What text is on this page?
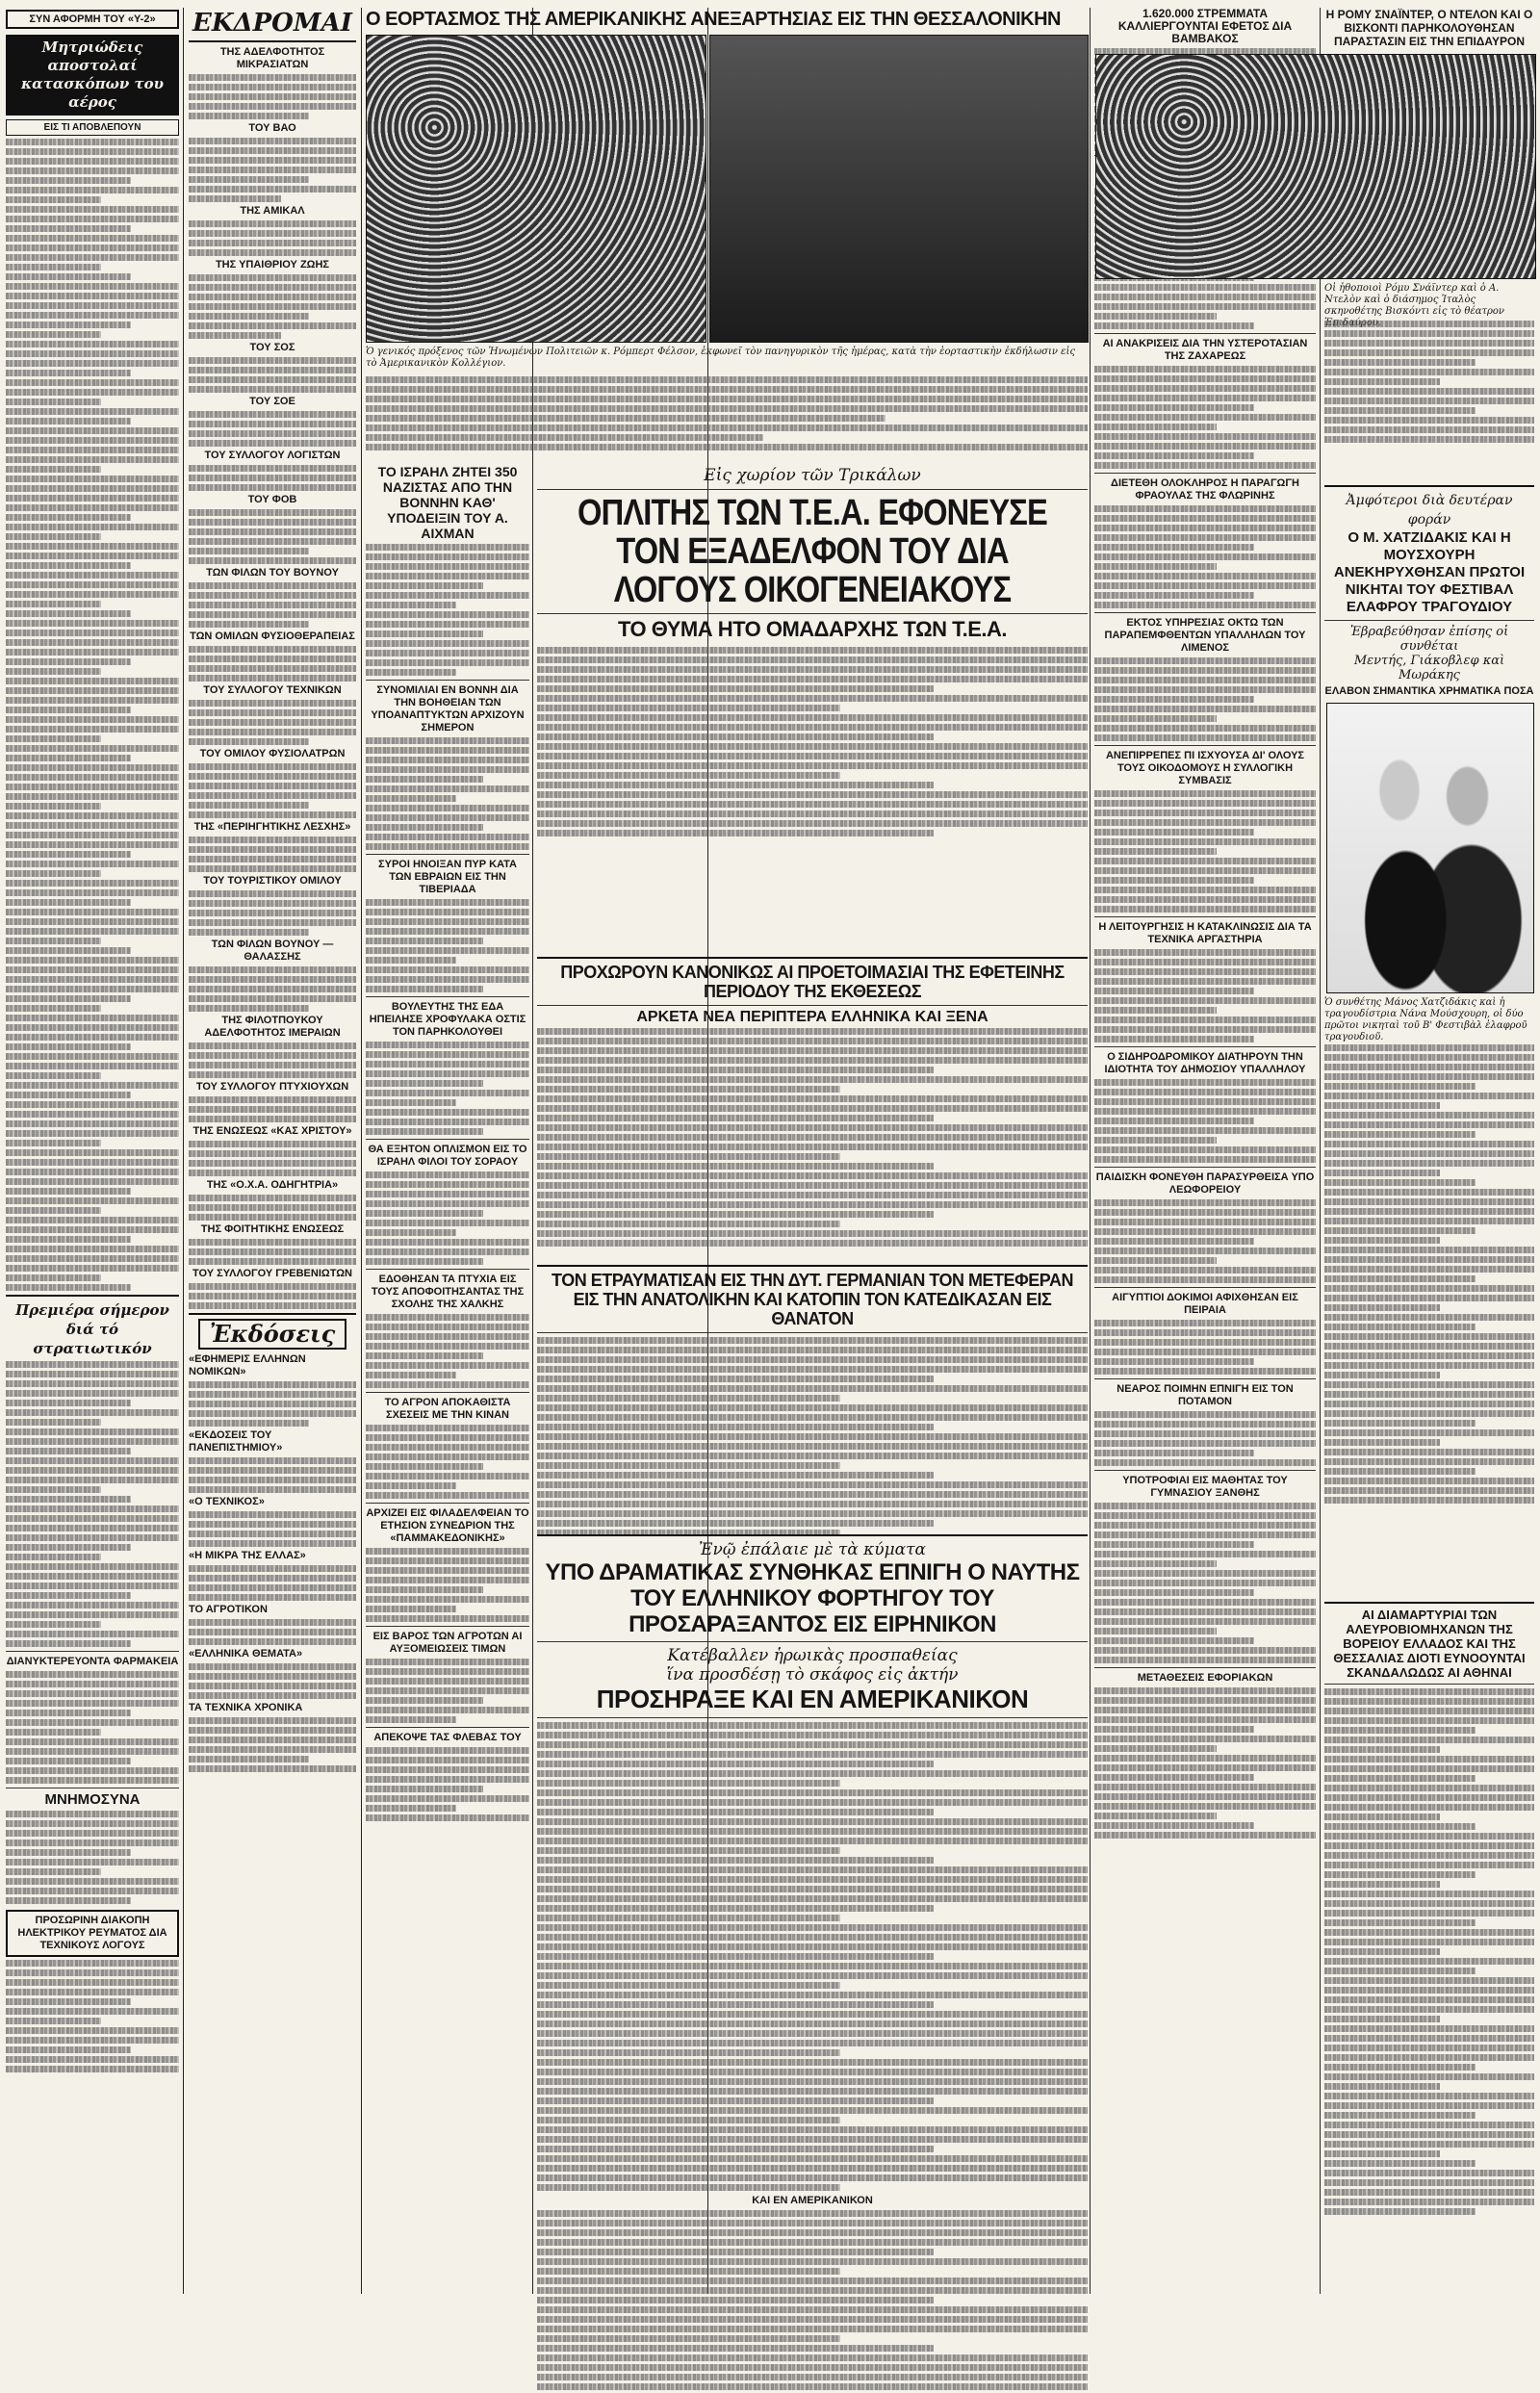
ΣΥΝ ΑΦΟΡΜΗ ΤΟΥ «Υ-2»
Μητριώδεις αποστολαί κατασκόπων του αέρος
ΕΙΣ ΤΙ ΑΠΟΒΛΕΠΟΥΝ
Πρεμιέρα σήμερον διά τό στρατιωτικόν
ΔΙΑΝΥΚΤΕΡΕΥΟΝΤΑ ΦΑΡΜΑΚΕΙΑ
ΜΝΗΜΟΣΥΝΑ
ΠΡΟΣΩΡΙΝΗ ΔΙΑΚΟΠΗ ΗΛΕΚΤΡΙΚΟΥ ΡΕΥΜΑΤΟΣ ΔΙΑ ΤΕΧΝΙΚΟΥΣ ΛΟΓΟΥΣ
ΕΚΔΡΟΜΑΙ
ΤΗΣ ΑΔΕΛΦΟΤΗΤΟΣ ΜΙΚΡΑΣΙΑΤΩΝ
ΤΟΥ ΒΑΟ
ΤΗΣ ΑΜΙΚΑΛ
ΤΗΣ ΥΠΑΙΘΡΙΟΥ ΖΩΗΣ
ΤΟΥ ΣΟΣ
ΤΟΥ ΣΟΕ
ΤΟΥ ΣΥΛΛΟΓΟΥ ΛΟΓΙΣΤΩΝ
ΤΟΥ ΦΟΒ
ΤΩΝ ΦΙΛΩΝ ΤΟΥ ΒΟΥΝΟΥ
ΤΩΝ ΟΜΙΛΩΝ ΦΥΣΙΟΘΕΡΑΠΕΙΑΣ
ΤΟΥ ΣΥΛΛΟΓΟΥ ΤΕΧΝΙΚΩΝ
ΤΟΥ ΟΜΙΛΟΥ ΦΥΣΙΟΛΑΤΡΩΝ
ΤΗΣ «ΠΕΡΙΗΓΗΤΙΚΗΣ ΛΕΣΧΗΣ»
ΤΟΥ ΤΟΥΡΙΣΤΙΚΟΥ ΟΜΙΛΟΥ
ΤΩΝ ΦΙΛΩΝ ΒΟΥΝΟΥ — ΘΑΛΑΣΣΗΣ
ΤΗΣ ΦΙΛΟΤΠΟΥΚΟΥ ΑΔΕΛΦΟΤΗΤΟΣ ΙΜΕΡΑΙΩΝ
ΤΟΥ ΣΥΛΛΟΓΟΥ ΠΤΥΧΙΟΥΧΩΝ
ΤΗΣ ΕΝΩΣΕΩΣ «ΚΑΣ ΧΡΙΣΤΟΥ»
ΤΗΣ «Ο.Χ.Α. ΟΔΗΓΗΤΡΙΑ»
ΤΗΣ ΦΟΙΤΗΤΙΚΗΣ ΕΝΩΣΕΩΣ
ΤΟΥ ΣΥΛΛΟΓΟΥ ΓΡΕΒΕΝΙΩΤΩΝ
Ἐκδόσεις
«ΕΦΗΜΕΡΙΣ ΕΛΛΗΝΩΝ ΝΟΜΙΚΩΝ»
«ΕΚΔΟΣΕΙΣ ΤΟΥ ΠΑΝΕΠΙΣΤΗΜΙΟΥ»
«Ο ΤΕΧΝΙΚΟΣ»
«Η ΜΙΚΡΑ ΤΗΣ ΕΛΛΑΣ»
ΤΟ ΑΓΡΟΤΙΚΟΝ
«ΕΛΛΗΝΙΚΑ ΘΕΜΑΤΑ»
ΤΑ ΤΕΧΝΙΚΑ ΧΡΟΝΙΚΑ
Ο ΕΟΡΤΑΣΜΟΣ ΤΗΣ ΑΜΕΡΙΚΑΝΙΚΗΣ ΑΝΕΞΑΡΤΗΣΙΑΣ ΕΙΣ ΤΗΝ ΘΕΣΣΑΛΟΝΙΚΗΝ
Ὁ γενικός πρόξενος τῶν Ἡνωμένων Πολιτειῶν κ. Ρόμπερτ Φέλσον, ἐκφωνεῖ τὸν πανηγυρικὸν τῆς ἡμέρας, κατὰ τὴν ἑορταστικὴν ἐκδήλωσιν εἰς τὸ Ἀμερικανικὸν Κολλέγιον.
ΤΟ ΙΣΡΑΗΛ ΖΗΤΕΙ 350 ΝΑΖΙΣΤΑΣ ΑΠΟ ΤΗΝ ΒΟΝΝΗΝ ΚΑΘ' ΥΠΟΔΕΙΞΙΝ ΤΟΥ Α. ΑΙΧΜΑΝ
ΣΥΝΟΜΙΛΙΑΙ ΕΝ ΒΟΝΝΗ ΔΙΑ ΤΗΝ ΒΟΗΘΕΙΑΝ ΤΩΝ ΥΠΟΑΝΑΠΤΥΚΤΩΝ ΑΡΧΙΖΟΥΝ ΣΗΜΕΡΟΝ
ΣΥΡΟΙ ΗΝΟΙΞΑΝ ΠΥΡ ΚΑΤΑ ΤΩΝ ΕΒΡΑΙΩΝ ΕΙΣ ΤΗΝ ΤΙΒΕΡΙΑΔΑ
ΒΟΥΛΕΥΤΗΣ ΤΗΣ ΕΔΑ ΗΠΕΙΛΗΣΕ ΧΡΟΦΥΛΑΚΑ ΟΣΤΙΣ ΤΟΝ ΠΑΡΗΚΟΛΟΥΘΕΙ
ΘΑ ΕΞΗΤΟΝ ΟΠΛΙΣΜΟΝ ΕΙΣ ΤΟ ΙΣΡΑΗΛ ΦΙΛΟΙ ΤΟΥ ΣΟΡΑΟΥ
ΕΔΟΘΗΣΑΝ ΤΑ ΠΤΥΧΙΑ ΕΙΣ ΤΟΥΣ ΑΠΟΦΟΙΤΗΣΑΝΤΑΣ ΤΗΣ ΣΧΟΛΗΣ ΤΗΣ ΧΑΛΚΗΣ
ΤΟ ΑΓΡΟΝ ΑΠΟΚΑΘΙΣΤΑ ΣΧΕΣΕΙΣ ΜΕ ΤΗΝ ΚΙΝΑΝ
ΑΡΧΙΖΕΙ ΕΙΣ ΦΙΛΑΔΕΛΦΕΙΑΝ ΤΟ ΕΤΗΣΙΟΝ ΣΥΝΕΔΡΙΟΝ ΤΗΣ «ΠΑΜΜΑΚΕΔΟΝΙΚΗΣ»
ΕΙΣ ΒΑΡΟΣ ΤΩΝ ΑΓΡΟΤΩΝ ΑΙ ΑΥΞΟΜΕΙΩΣΕΙΣ ΤΙΜΩΝ
ΑΠΕΚΟΨΕ ΤΑΣ ΦΛΕΒΑΣ ΤΟΥ
Εἰς χωρίον τῶν Τρικάλων
ΟΠΛΙΤΗΣ ΤΩΝ Τ.Ε.Α. ΕΦΟΝΕΥΣΕ ΤΟΝ ΕΞΑΔΕΛΦΟΝ ΤΟΥ ΔΙΑ ΛΟΓΟΥΣ ΟΙΚΟΓΕΝΕΙΑΚΟΥΣ
ΤΟ ΘΥΜΑ ΗΤΟ ΟΜΑΔΑΡΧΗΣ ΤΩΝ Τ.Ε.Α.
ΠΡΟΧΩΡΟΥΝ ΚΑΝΟΝΙΚΩΣ ΑΙ ΠΡΟΕΤΟΙΜΑΣΙΑΙ ΤΗΣ ΕΦΕΤΕΙΝΗΣ ΠΕΡΙΟΔΟΥ ΤΗΣ ΕΚΘΕΣΕΩΣ
ΑΡΚΕΤΑ ΝΕΑ ΠΕΡΙΠΤΕΡΑ ΕΛΛΗΝΙΚΑ ΚΑΙ ΞΕΝΑ
ΤΟΝ ΕΤΡΑΥΜΑΤΙΣΑΝ ΕΙΣ ΤΗΝ ΔΥΤ. ΓΕΡΜΑΝΙΑΝ ΤΟΝ ΜΕΤΕΦΕΡΑΝ ΕΙΣ ΤΗΝ ΑΝΑΤΟΛΙΚΗΝ ΚΑΙ ΚΑΤΟΠΙΝ ΤΟΝ ΚΑΤΕΔΙΚΑΣΑΝ ΕΙΣ ΘΑΝΑΤΟΝ
Ἐνῷ ἐπάλαιε μὲ τὰ κύματα
ΥΠΟ ΔΡΑΜΑΤΙΚΑΣ ΣΥΝΘΗΚΑΣ ΕΠΝΙΓΗ Ο ΝΑΥΤΗΣ ΤΟΥ ΕΛΛΗΝΙΚΟΥ ΦΟΡΤΗΓΟΥ ΤΟΥ ΠΡΟΣΑΡΑΞΑΝΤΟΣ ΕΙΣ ΕΙΡΗΝΙΚΟΝ
Κατέβαλλεν ἡρωικὰς προσπαθείας
ἵνα προσδέσῃ τὸ σκάφος εἰς ἀκτήν
ΠΡΟΣΗΡΑΞΕ ΚΑΙ ΕΝ ΑΜΕΡΙΚΑΝΙΚΟΝ
ΚΑΙ ΕΝ ΑΜΕΡΙΚΑΝΙΚΟΝ
1.620.000 ΣΤΡΕΜΜΑΤΑ ΚΑΛΛΙΕΡΓΟΥΝΤΑΙ ΕΦΕΤΟΣ ΔΙΑ ΒΑΜΒΑΚΟΣ
ΑΙ ΑΝΑΚΡΙΣΕΙΣ ΔΙΑ ΤΗΝ ΥΣΤΕΡΟΤΑΣΙΑΝ ΤΗΣ ΖΑΧΑΡΕΩΣ
ΔΙΕΤΕΘΗ ΟΛΟΚΛΗΡΟΣ Η ΠΑΡΑΓΩΓΗ ΦΡΑΟΥΛΑΣ ΤΗΣ ΦΛΩΡΙΝΗΣ
ΕΚΤΟΣ ΥΠΗΡΕΣΙΑΣ ΟΚΤΩ ΤΩΝ ΠΑΡΑΠΕΜΦΘΕΝΤΩΝ ΥΠΑΛΛΗΛΩΝ ΤΟΥ ΛΙΜΕΝΟΣ
ΑΝΕΠΙΡΡΕΠΕΣ ΠΙ ΙΣΧΥΟΥΣΑ ΔΙ' ΟΛΟΥΣ ΤΟΥΣ ΟΙΚΟΔΟΜΟΥΣ Η ΣΥΛΛΟΓΙΚΗ ΣΥΜΒΑΣΙΣ
Η ΛΕΙΤΟΥΡΓΗΣΙΣ Η ΚΑΤΑΚΛΙΝΩΣΙΣ ΔΙΑ ΤΑ ΤΕΧΝΙΚΑ ΑΡΓΑΣΤΗΡΙΑ
Ο ΣΙΔΗΡΟΔΡΟΜΙΚΟΥ ΔΙΑΤΗΡΟΥΝ ΤΗΝ ΙΔΙΟΤΗΤΑ ΤΟΥ ΔΗΜΟΣΙΟΥ ΥΠΑΛΛΗΛΟΥ
ΠΑΙΔΙΣΚΗ ΦΟΝΕΥΘΗ ΠΑΡΑΣΥΡΘΕΙΣΑ ΥΠΟ ΛΕΩΦΟΡΕΙΟΥ
ΑΙΓΥΠΤΙΟΙ ΔΟΚΙΜΟΙ ΑΦΙΧΘΗΣΑΝ ΕΙΣ ΠΕΙΡΑΙΑ
ΝΕΑΡΟΣ ΠΟΙΜΗΝ ΕΠΝΙΓΗ ΕΙΣ ΤΟΝ ΠΟΤΑΜΟΝ
ΥΠΟΤΡΟΦΙΑΙ ΕΙΣ ΜΑΘΗΤΑΣ ΤΟΥ ΓΥΜΝΑΣΙΟΥ ΞΑΝΘΗΣ
ΜΕΤΑΘΕΣΕΙΣ ΕΦΟΡΙΑΚΩΝ
Η ΡΟΜΥ ΣΝΑΪΝΤΕΡ, Ο ΝΤΕΛΟΝ ΚΑΙ Ο ΒΙΣΚΟΝΤΙ ΠΑΡΗΚΟΛΟΥΘΗΣΑΝ ΠΑΡΑΣΤΑΣΙΝ ΕΙΣ ΤΗΝ ΕΠΙΔΑΥΡΟΝ
Οἱ ἠθοποιοὶ Ρόμυ Σνάϊντερ καὶ ὁ Α. Ντελὸν καὶ ὁ διάσημος Ἰταλὸς σκηνοθέτης Βισκόντι εἰς τὸ θέατρον
Ἀμφότεροι διὰ δευτέραν φοράν
Ο Μ. ΧΑΤΖΙΔΑΚΙΣ ΚΑΙ Η ΜΟΥΣΧΟΥΡΗ ΑΝΕΚΗΡΥΧΘΗΣΑΝ ΠΡΩΤΟΙ ΝΙΚΗΤΑΙ ΤΟΥ ΦΕΣΤΙΒΑΛ ΕΛΑΦΡΟΥ ΤΡΑΓΟΥΔΙΟΥ
Ἐβραβεύθησαν ἐπίσης οἱ συνθέται
Μεντής, Γιάκοβλεφ καὶ Μωράκης
ΕΛΑΒΟΝ ΣΗΜΑΝΤΙΚΑ ΧΡΗΜΑΤΙΚΑ ΠΟΣΑ
Ὁ συνθέτης Μάνος Χατζιδάκις καὶ ἡ τραγουδίστρια Νάνα Μούσχουρη, οἱ δύο πρῶτοι νικηταὶ τοῦ Β' Φεστιβὰλ ἐλαφροῦ τραγουδιοῦ.
ΑΙ ΔΙΑΜΑΡΤΥΡΙΑΙ ΤΩΝ ΑΛΕΥΡΟΒΙΟΜΗΧΑΝΩΝ ΤΗΣ ΒΟΡΕΙΟΥ ΕΛΛΑΔΟΣ ΚΑΙ ΤΗΣ ΘΕΣΣΑΛΙΑΣ ΔΙΟΤΙ ΕΥΝΟΟΥΝΤΑΙ ΣΚΑΝΔΑΛΩΔΩΣ ΑΙ ΑΘΗΝΑΙ
